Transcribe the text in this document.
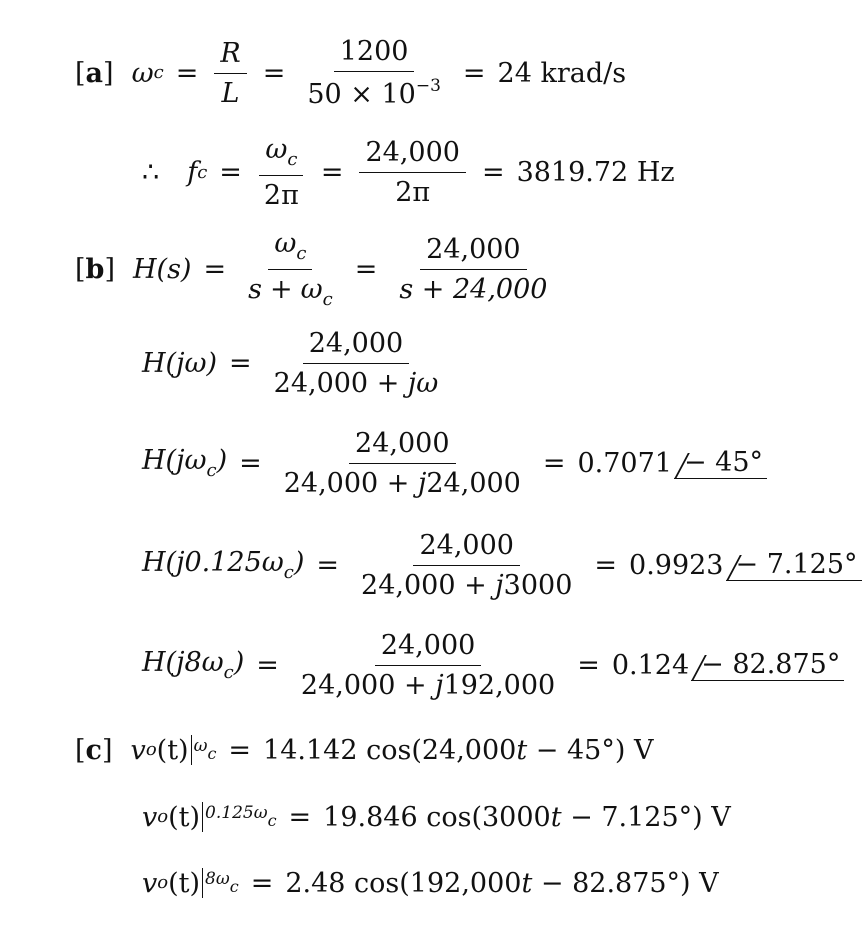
[a] ω $c = \frac{R}{L} = \frac{1200}{50 \times 10^{-3}} = 24$ krad/s
∴ f $c = \frac{\omega_c}{2\pi} = \frac{24,000}{2\pi} = 3819.72$ Hz
[b] $H(s) = \frac{\omega_c}{s + \omega_c} = \frac{24,000}{s + 24,000}$
$H(j\omega) = \frac{24,000}{24,000 + j\omega}$
$H(j\omega_c) = \frac{24,000}{24,000 + j24,000} = 0.7071 - 45^\circ$
$H(j0.125\omega_c) = \frac{24,000}{24,000 + j3000} = 0.9923 - 7.125^\circ$
$H(j8\omega_c) = \frac{24,000}{24,000 + j192,000} = 0.124 - 82.875^\circ$
[c] v o (t) ωc = 14.142 cos(24,000t − 45°) V
v o (t) 0.125ωc = 19.846 cos(3000t − 7.125°) V
v o (t) 8ωc = 2.48 cos(192,000t − 82.875°) V
